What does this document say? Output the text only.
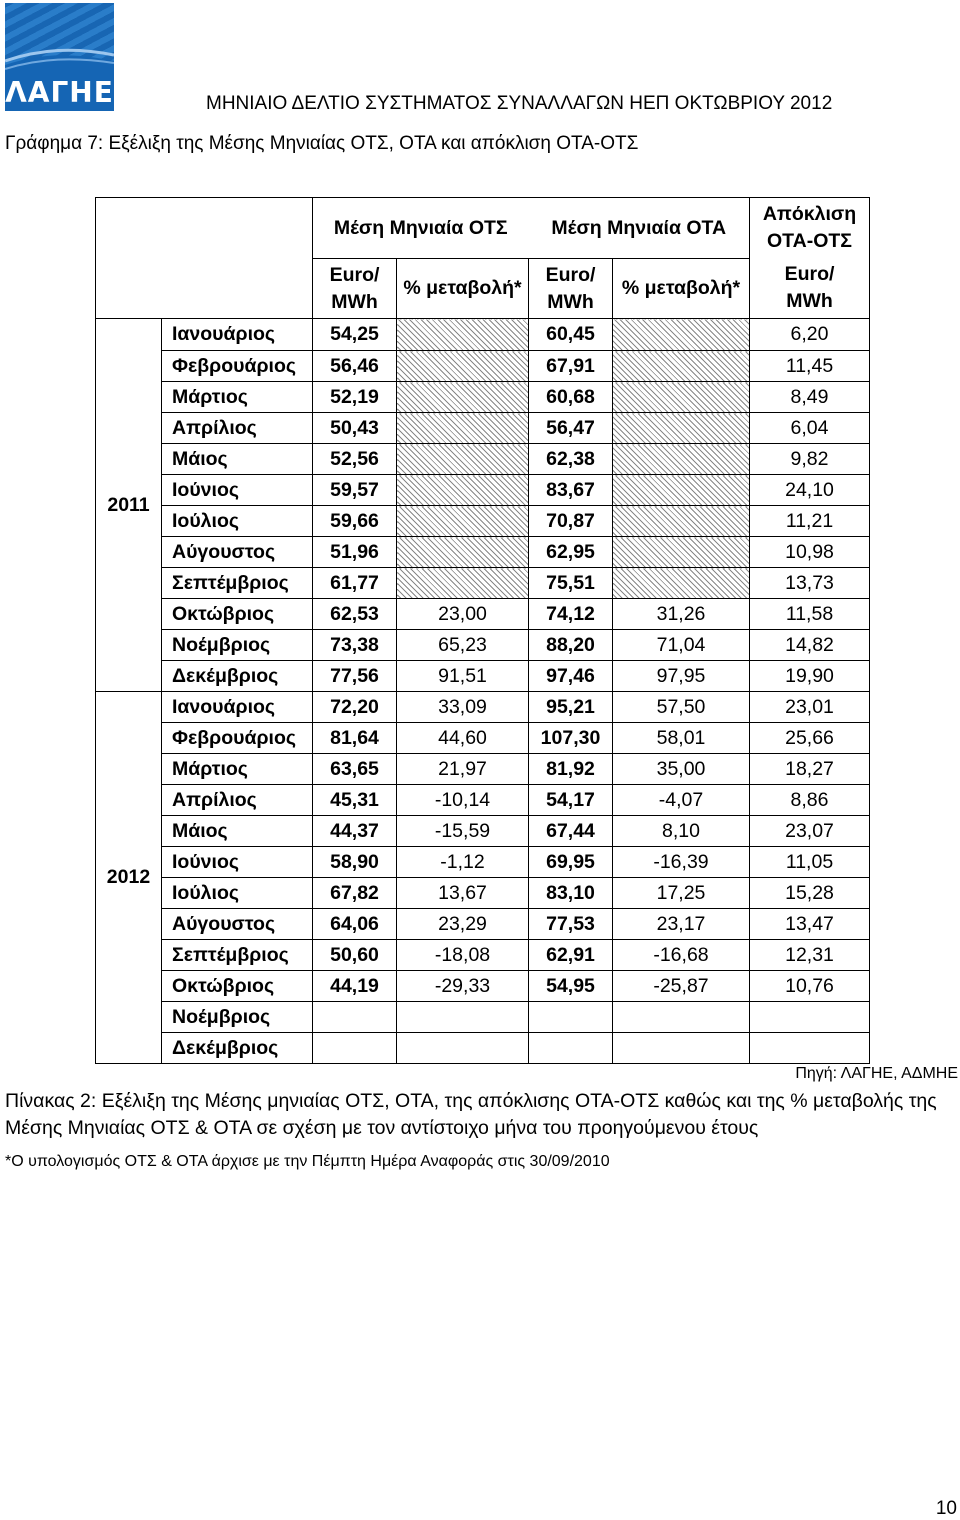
ΛΑΓΗΕ	ΜΗΝΙΑΙΟ ΔΕΛΤΙΟ ΣΥΣΤΗΜΑΤΟΣ ΣΥΝΑΛΛΑΓΩΝ ΗΕΠ ΟΚΤΩΒΡΙΟΥ 2012
Γράφημα 7: Εξέλιξη της Μέσης Μηνιαίας ΟΤΣ, ΟΤΑ και απόκλιση ΟΤΑ-ΟΤΣ
		Μέση Μηνιαία ΟΤΣ		Μέση Μηνιαία ΟΤΑ		Απόκλιση ΟΤΑ-ΟΤΣ
		Euro/ MWh	% μεταβολή*	Euro/ MWh	% μεταβολή*	Euro/ MWh
2011	Ιανουάριος	54,25		60,45		6,20
	Φεβρουάριος	56,46		67,91		11,45
	Μάρτιος	52,19		60,68		8,49
	Απρίλιος	50,43		56,47		6,04
	Μάιος	52,56		62,38		9,82
	Ιούνιος	59,57		83,67		24,10
	Ιούλιος	59,66		70,87		11,21
	Αύγουστος	51,96		62,95		10,98
	Σεπτέμβριος	61,77		75,51		13,73
	Οκτώβριος	62,53	23,00	74,12	31,26	11,58
	Νοέμβριος	73,38	65,23	88,20	71,04	14,82
	Δεκέμβριος	77,56	91,51	97,46	97,95	19,90
2012	Ιανουάριος	72,20	33,09	95,21	57,50	23,01
	Φεβρουάριος	81,64	44,60	107,30	58,01	25,66
	Μάρτιος	63,65	21,97	81,92	35,00	18,27
	Απρίλιος	45,31	-10,14	54,17	-4,07	8,86
	Μάιος	44,37	-15,59	67,44	8,10	23,07
	Ιούνιος	58,90	-1,12	69,95	-16,39	11,05
	Ιούλιος	67,82	13,67	83,10	17,25	15,28
	Αύγουστος	64,06	23,29	77,53	23,17	13,47
	Σεπτέμβριος	50,60	-18,08	62,91	-16,68	12,31
	Οκτώβριος	44,19	-29,33	54,95	-25,87	10,76
	Νοέμβριος					
	Δεκέμβριος					
Πηγή: ΛΑΓΗΕ, ΑΔΜΗΕ
Πίνακας 2: Εξέλιξη της Μέσης μηνιαίας ΟΤΣ, ΟΤΑ, της απόκλισης ΟΤΑ-ΟΤΣ καθώς και της % μεταβολής της Μέσης Μηνιαίας ΟΤΣ & ΟΤΑ σε σχέση με τον αντίστοιχο μήνα του προηγούμενου έτους
*Ο υπολογισμός ΟΤΣ & ΟΤΑ άρχισε με την Πέμπτη Ημέρα Αναφοράς στις 30/09/2010
10
